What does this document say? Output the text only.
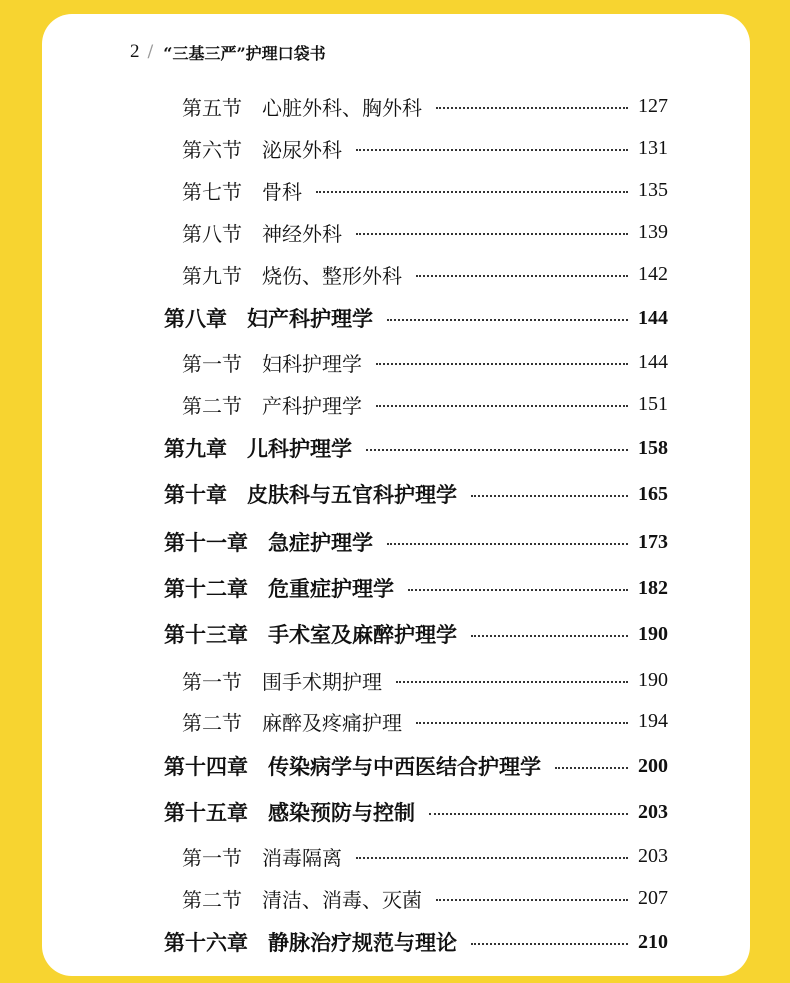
2 / “三基三严”护理口袋书
第五节 心脏外科、胸外科	127
第六节 泌尿外科	131
第七节 骨科	135
第八节 神经外科	139
第九节 烧伤、整形外科	142
第八章 妇产科护理学	144
第一节 妇科护理学	144
第二节 产科护理学	151
第九章 儿科护理学	158
第十章 皮肤科与五官科护理学	165
第十一章 急症护理学	173
第十二章 危重症护理学	182
第十三章 手术室及麻醉护理学	190
第一节 围手术期护理	190
第二节 麻醉及疼痛护理	194
第十四章 传染病学与中西医结合护理学	200
第十五章 感染预防与控制	203
第一节 消毒隔离	203
第二节 清洁、消毒、灭菌	207
第十六章 静脉治疗规范与理论	210
